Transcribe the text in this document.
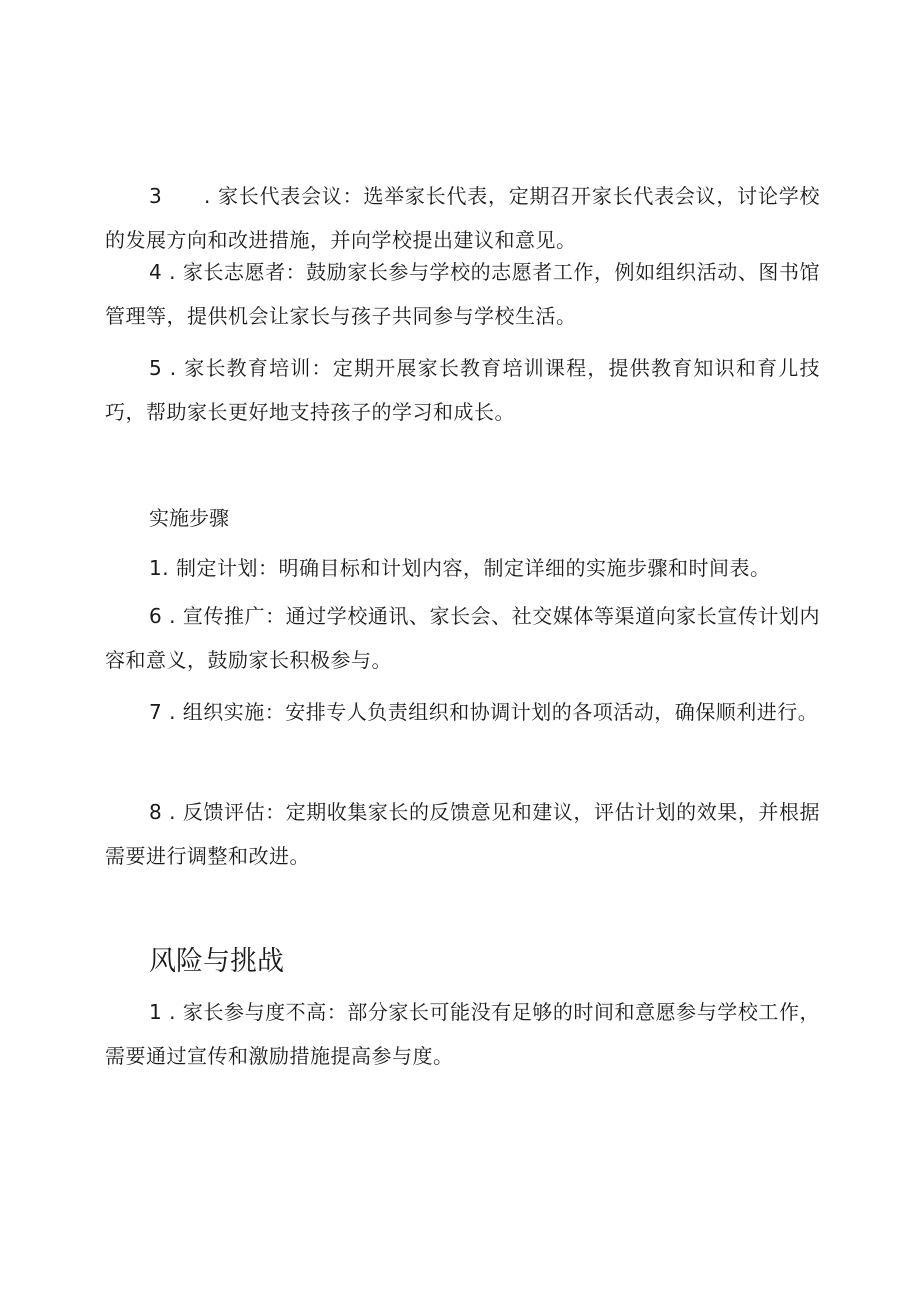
3　　. 家长代表会议：选举家长代表，定期召开家长代表会议，讨论学校的发展方向和改进措施，并向学校提出建议和意见。

4 . 家长志愿者：鼓励家长参与学校的志愿者工作，例如组织活动、图书馆管理等，提供机会让家长与孩子共同参与学校生活。

5 . 家长教育培训：定期开展家长教育培训课程，提供教育知识和育儿技巧，帮助家长更好地支持孩子的学习和成长。

实施步骤

1. 制定计划：明确目标和计划内容，制定详细的实施步骤和时间表。

6 . 宣传推广：通过学校通讯、家长会、社交媒体等渠道向家长宣传计划内容和意义，鼓励家长积极参与。

7 . 组织实施：安排专人负责组织和协调计划的各项活动，确保顺利进行。

8 . 反馈评估：定期收集家长的反馈意见和建议，评估计划的效果，并根据需要进行调整和改进。

风险与挑战

1 . 家长参与度不高：部分家长可能没有足够的时间和意愿参与学校工作，需要通过宣传和激励措施提高参与度。
